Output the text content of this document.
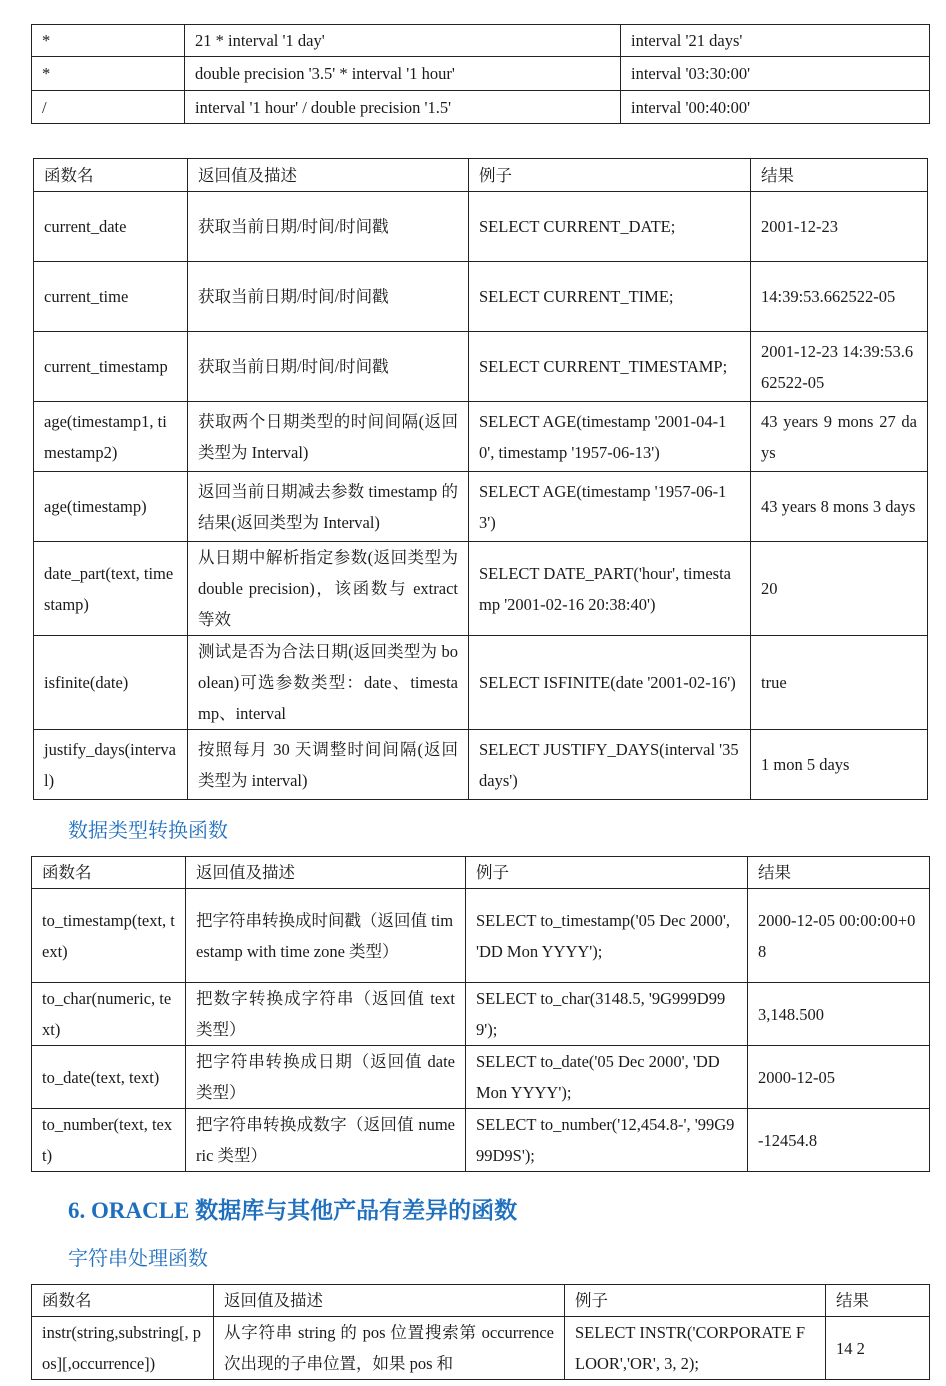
*	21 * interval '1 day'	interval '21 days'
*	double precision '3.5' * interval '1 hour'	interval '03:30:00'
/	interval '1 hour' / double precision '1.5'	interval '00:40:00'
函数名	返回值及描述	例子	结果
current_date	获取当前日期/时间/时间戳	SELECT CURRENT_DATE;	2001-12-23
current_time	获取当前日期/时间/时间戳	SELECT CURRENT_TIME;	14:39:53.662522-05
current_timestamp	获取当前日期/时间/时间戳	SELECT CURRENT_TIMESTAMP;	2001-12-23 14:39:53.662522-05
age(timestamp1, timestamp2)	获取两个日期类型的时间间隔(返回类型为 Interval)	SELECT AGE(timestamp '2001-04-10', timestamp '1957-06-13')	43 years 9 mons 27 days
age(timestamp)	返回当前日期减去参数 timestamp 的结果(返回类型为 Interval)	SELECT AGE(timestamp '1957-06-13')	43 years 8 mons 3 days
date_part(text, timestamp)	从日期中解析指定参数(返回类型为 double precision)，该函数与 extract 等效	SELECT DATE_PART('hour', timestamp '2001-02-16 20:38:40')	20
isfinite(date)	测试是否为合法日期(返回类型为 boolean)可选参数类型：date、timestamp、interval	SELECT ISFINITE(date '2001-02-16')	true
justify_days(interval)	按照每月 30 天调整时间间隔(返回类型为 interval)	SELECT JUSTIFY_DAYS(interval '35 days')	1 mon 5 days
数据类型转换函数
函数名	返回值及描述	例子	结果
to_timestamp(text, text)	把字符串转换成时间戳（返回值 timestamp with time zone 类型）	SELECT to_timestamp('05 Dec 2000', 'DD Mon YYYY');	2000-12-05 00:00:00+08
to_char(numeric, text)	把数字转换成字符串（返回值 text 类型）	SELECT to_char(3148.5, '9G999D999');	3,148.500
to_date(text, text)	把字符串转换成日期（返回值 date 类型）	SELECT to_date('05 Dec 2000', 'DD Mon YYYY');	2000-12-05
to_number(text, text)	把字符串转换成数字（返回值 numeric 类型）	SELECT to_number('12,454.8-', '99G999D9S');	-12454.8
6. ORACLE 数据库与其他产品有差异的函数
字符串处理函数
函数名	返回值及描述	例子	结果
instr(string,substring[, pos][,occurrence])	从字符串 string 的 pos 位置搜索第 occurrence 次出现的子串位置，如果 pos 和	SELECT INSTR('CORPORATE FLOOR','OR', 3, 2);	14 2
